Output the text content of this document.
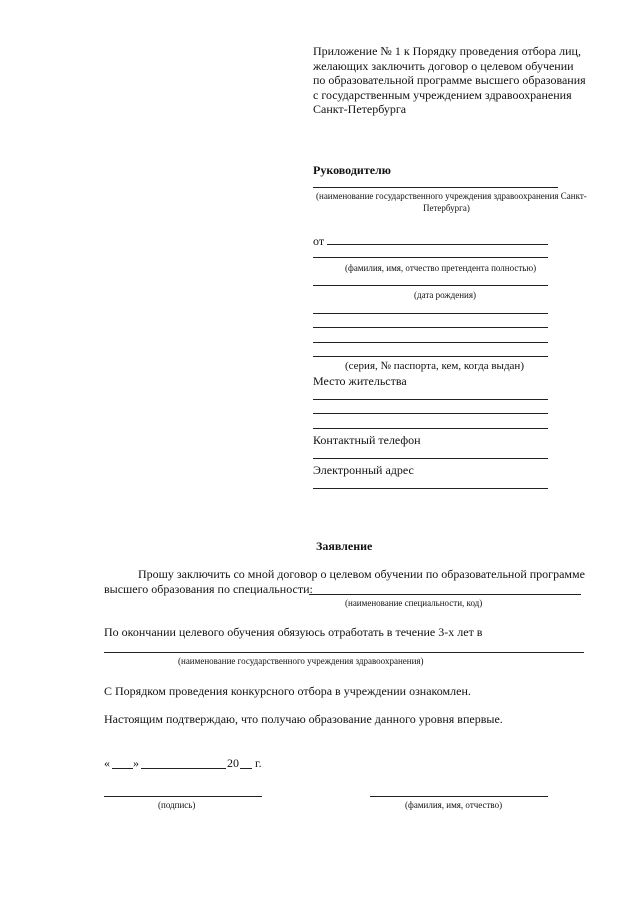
Приложение № 1 к Порядку проведения отбора лиц,
желающих заключить договор о целевом обучении
по образовательной программе высшего образования
с государственным учреждением здравоохранения
Санкт-Петербурга
Руководителю
(наименование государственного учреждения здравоохранения Санкт-
Петербурга)
от
(фамилия, имя, отчество претендента полностью)
(дата рождения)
(серия, № паспорта, кем, когда выдан)
Место жительства
Контактный телефон
Электронный адрес
Заявление
Прошу заключить со мной договор о целевом обучении по образовательной программе
высшего образования по специальности:
(наименование специальности, код)
По окончании целевого обучения обязуюсь отработать в течение 3-х лет в
(наименование государственного учреждения здравоохранения)
С Порядком проведения конкурсного отбора в учреждении ознакомлен.
Настоящим подтверждаю, что получаю образование данного уровня впервые.
« »	20 г.
(подпись)	(фамилия, имя, отчество)
